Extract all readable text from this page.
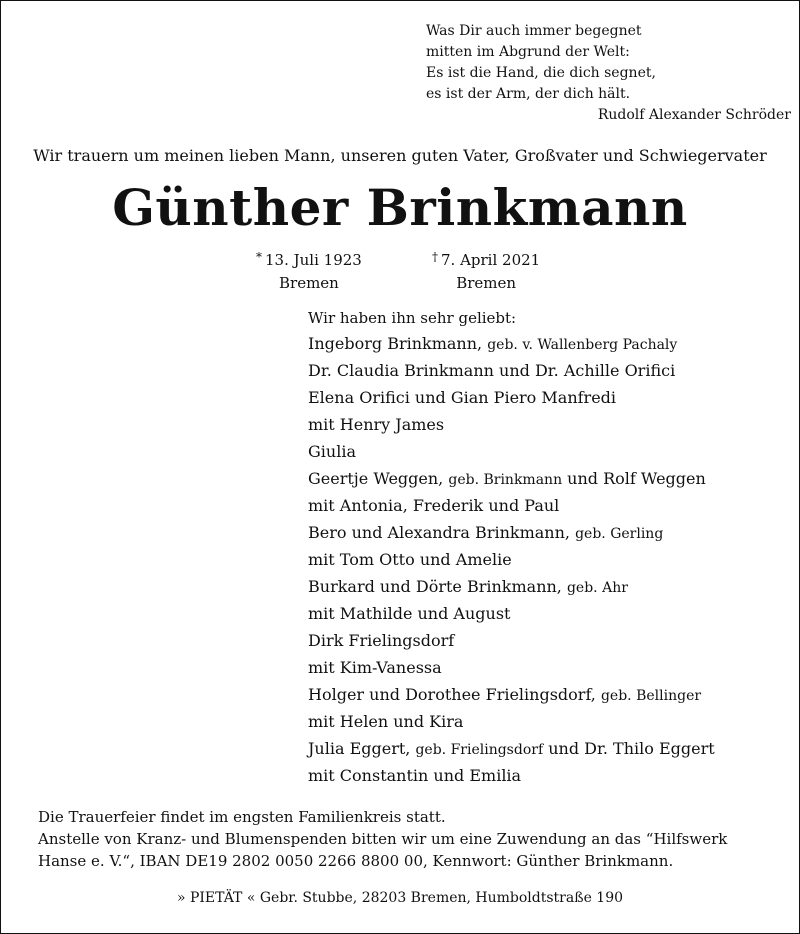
Was Dir auch immer begegnet
mitten im Abgrund der Welt:
Es ist die Hand, die dich segnet,
es ist der Arm, der dich hält.
Rudolf Alexander Schröder
Wir trauern um meinen lieben Mann, unseren guten Vater, Großvater und Schwiegervater
Günther Brinkmann
* 13. Juli 1923
Bremen
† 7. April 2021
Bremen
Wir haben ihn sehr geliebt:
Ingeborg Brinkmann, geb. v. Wallenberg Pachaly
Dr. Claudia Brinkmann und Dr. Achille Orifici
Elena Orifici und Gian Piero Manfredi
mit Henry James
Giulia
Geertje Weggen, geb. Brinkmann und Rolf Weggen
mit Antonia, Frederik und Paul
Bero und Alexandra Brinkmann, geb. Gerling
mit Tom Otto und Amelie
Burkard und Dörte Brinkmann, geb. Ahr
mit Mathilde und August
Dirk Frielingsdorf
mit Kim-Vanessa
Holger und Dorothee Frielingsdorf, geb. Bellinger
mit Helen und Kira
Julia Eggert, geb. Frielingsdorf und Dr. Thilo Eggert
mit Constantin und Emilia
Die Trauerfeier findet im engsten Familienkreis statt.
Anstelle von Kranz- und Blumenspenden bitten wir um eine Zuwendung an das “Hilfswerk
Hanse e. V.“, IBAN DE19 2802 0050 2266 8800 00, Kennwort: Günther Brinkmann.
» PIETÄT « Gebr. Stubbe, 28203 Bremen, Humboldtstraße 190
